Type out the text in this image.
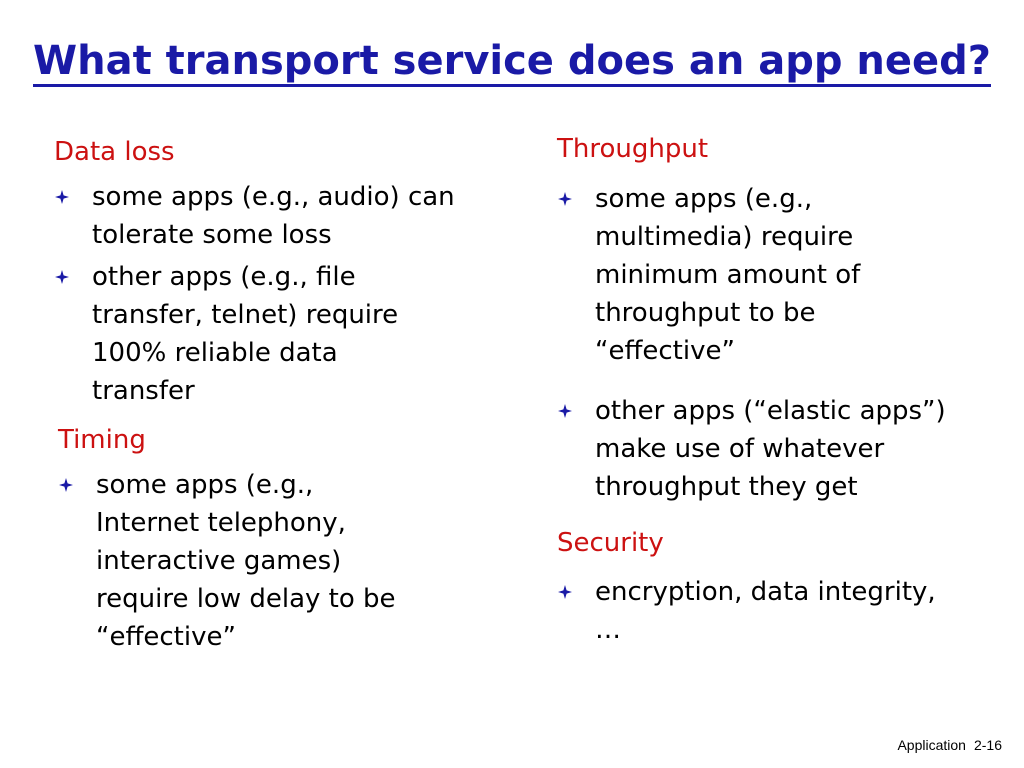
What transport service does an app need?
Data loss
some apps (e.g., audio) can
tolerate some loss
other apps (e.g., file
transfer, telnet) require
100% reliable data
transfer
Timing
some apps (e.g.,
Internet telephony,
interactive games)
require low delay to be
“effective”
Throughput
some apps (e.g.,
multimedia) require
minimum amount of
throughput to be
“effective”
other apps (“elastic apps”)
make use of whatever
throughput they get
Security
encryption, data integrity,
…
Application 2-16
